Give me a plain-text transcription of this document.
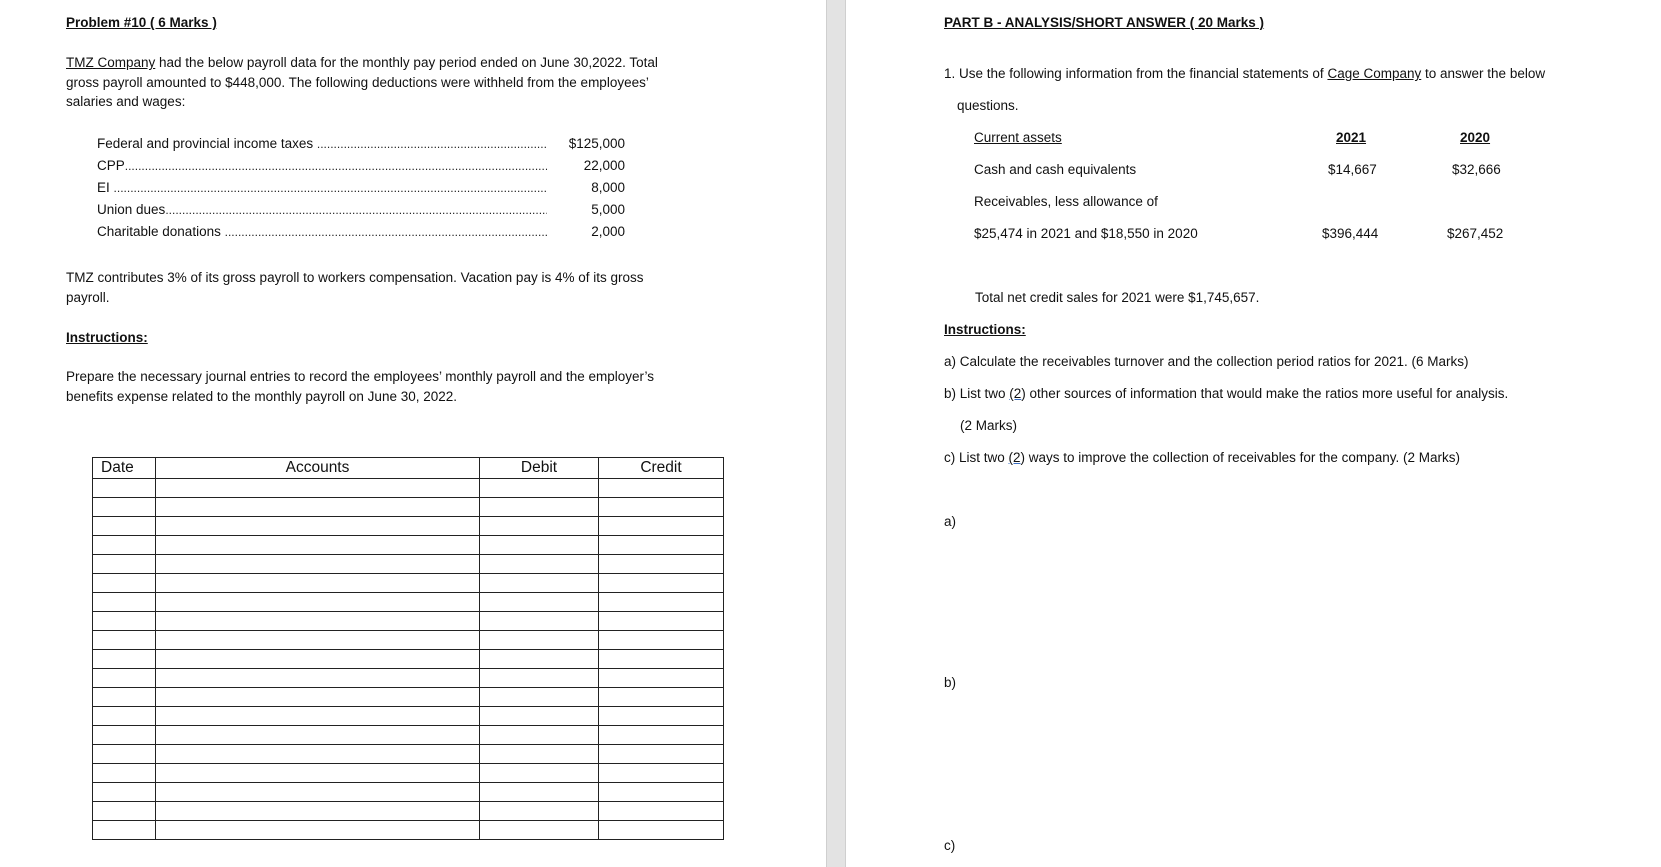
Problem #10 ( 6 Marks )
TMZ Company had the below payroll data for the monthly pay period ended on June 30,2022. Total
gross payroll amounted to $448,000. The following deductions were withheld from the employees’
salaries and wages:
Federal and provincial income taxes .....	$125,000
CPP .....	22,000
EI .....	8,000
Union dues .....	5,000
Charitable donations .....	2,000
TMZ contributes 3% of its gross payroll to workers compensation. Vacation pay is 4% of its gross
payroll.
Instructions:
Prepare the necessary journal entries to record the employees’ monthly payroll and the employer’s
benefits expense related to the monthly payroll on June 30, 2022.
Date	Accounts	Debit	Credit

PART B - ANALYSIS/SHORT ANSWER ( 20 Marks )
1. Use the following information from the financial statements of Cage Company to answer the below
questions.
Current assets	2021	2020
Cash and cash equivalents	$14,667	$32,666
Receivables, less allowance of
$25,474 in 2021 and $18,550 in 2020	$396,444	$267,452
Total net credit sales for 2021 were $1,745,657.
Instructions:
a) Calculate the receivables turnover and the collection period ratios for 2021. (6 Marks)
b) List two (2) other sources of information that would make the ratios more useful for analysis.
(2 Marks)
c) List two (2) ways to improve the collection of receivables for the company. (2 Marks)
a)
b)
c)
